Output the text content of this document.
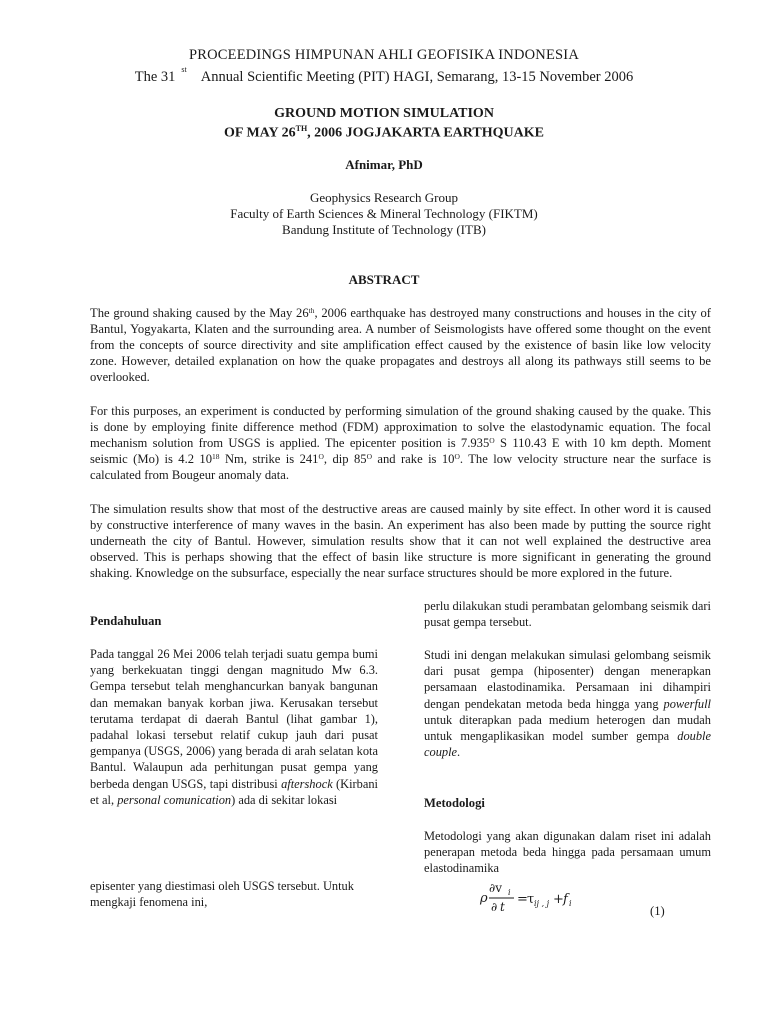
PROCEEDINGS HIMPUNAN AHLI GEOFISIKA INDONESIA
The 31 $^{st}$ Annual Scientific Meeting (PIT) HAGI, Semarang, 13-15 November 2006
GROUND MOTION SIMULATION
OF MAY 26TH, 2006 JOGJAKARTA EARTHQUAKE
Afnimar, PhD
Geophysics Research Group
Faculty of Earth Sciences & Mineral Technology (FIKTM)
Bandung Institute of Technology (ITB)
ABSTRACT

The ground shaking caused by the May 26th, 2006 earthquake has destroyed many constructions and houses in the city of Bantul, Yogyakarta, Klaten and the surrounding area. A number of Seismologists have offered some thought on the event from the concepts of source directivity and site amplification effect caused by the existence of basin like low velocity zone. However, detailed explanation on how the quake propagates and destroys all along its pathways still seems to be overlooked.

For this purposes, an experiment is conducted by performing simulation of the ground shaking caused by the quake. This is done by employing finite difference method (FDM) approximation to solve the elastodynamic equation. The focal mechanism solution from USGS is applied. The epicenter position is $7.935^O$ S 110.43 E with 10 km depth. Moment seismic (Mo) is 4.2 $10^{18}$ Nm, strike is $241^O$, dip $85^O$ and rake is $10^O$. The low velocity structure near the surface is calculated from Bougeur anomaly data.

The simulation results show that most of the destructive areas are caused mainly by site effect. In other word it is caused by constructive interference of many waves in the basin. An experiment has also been made by putting the source right underneath the city of Bantul. However, simulation results show that it can not well explained the destructive area observed. This is perhaps showing that the effect of basin like structure is more significant in generating the ground shaking. Knowledge on the subsurface, especially the near surface structures should be more explored in the future.

Pendahuluan

Pada tanggal 26 Mei 2006 telah terjadi suatu gempa bumi yang berkekuatan tinggi dengan magnitudo Mw 6.3. Gempa tersebut telah menghancurkan banyak bangunan dan memakan banyak korban jiwa. Kerusakan tersebut terutama terdapat di daerah Bantul (lihat gambar 1), padahal lokasi tersebut relatif cukup jauh dari pusat gempanya (USGS, 2006) yang berada di arah selatan kota Bantul. Walaupun ada perhitungan pusat gempa yang berbeda dengan USGS, tapi distribusi aftershock (Kirbani et al, personal comunication) ada di sekitar lokasi

episenter yang diestimasi oleh USGS tersebut. Untuk mengkaji fenomena ini,

perlu dilakukan studi perambatan gelombang seismik dari pusat gempa tersebut.

Studi ini dengan melakukan simulasi gelombang seismik dari pusat gempa (hiposenter) dengan menerapkan persamaan elastodinamika. Persamaan ini dihampiri dengan pendekatan metoda beda hingga yang powerfull untuk diterapkan pada medium heterogen dan mudah untuk mengaplikasikan model sumber gempa double couple.

Metodologi

Metodologi yang akan digunakan dalam riset ini adalah penerapan metoda beda hingga pada persamaan umum elastodinamika

ρ
∂v i
∂ t = τ ij , j + f i
(1)
